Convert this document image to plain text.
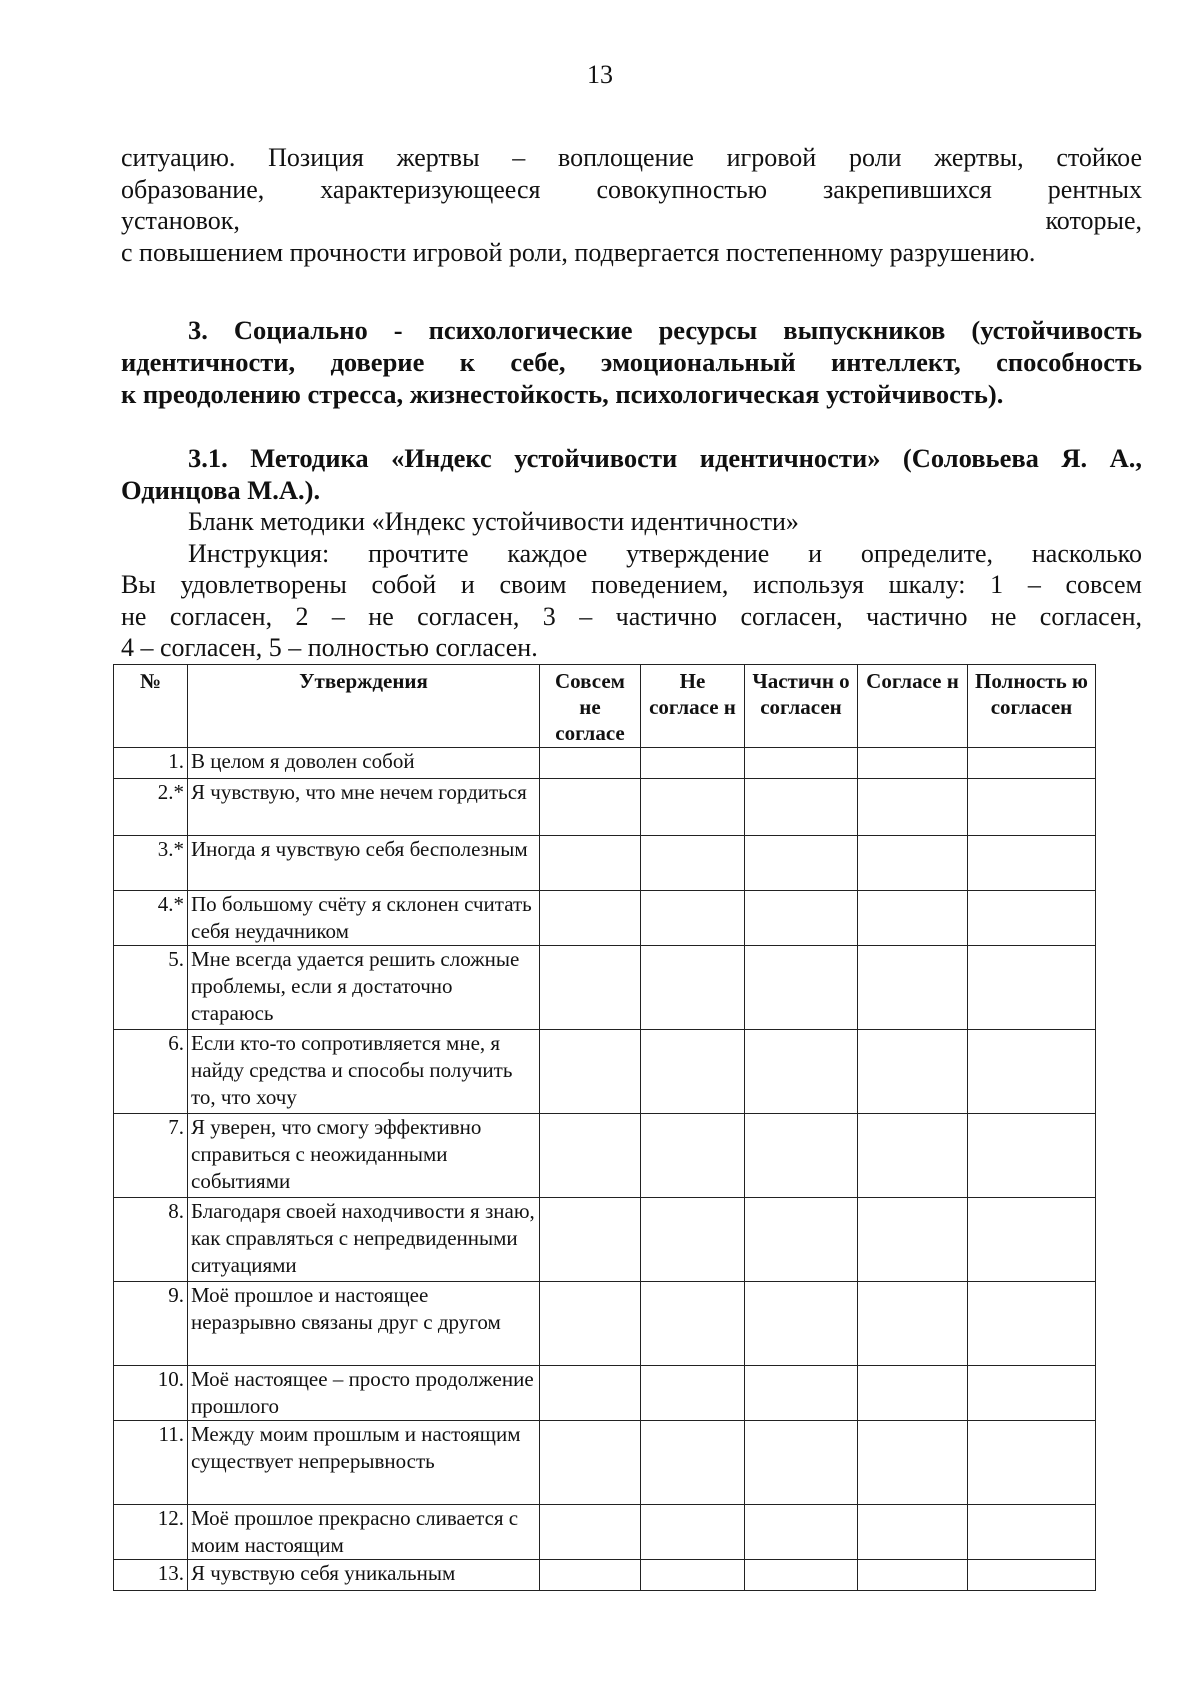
13
ситуацию. Позиция жертвы – воплощение игровой роли жертвы, стойкое
образование, характеризующееся совокупностью закрепившихся рентных
установок,	которые,
с повышением прочности игровой роли, подвергается постепенному разрушению.
3. Социально - психологические ресурсы выпускников (устойчивость
идентичности, доверие к себе, эмоциональный интеллект, способность
к преодолению стресса, жизнестойкость, психологическая устойчивость).
3.1. Методика «Индекс устойчивости идентичности» (Соловьева Я. А.,
Одинцова М.А.).
Бланк методики «Индекс устойчивости идентичности»
Инструкция: прочтите каждое утверждение и определите, насколько
Вы удовлетворены собой и своим поведением, используя шкалу: 1 – совсем
не согласен, 2 – не согласен, 3 – частично согласен, частично не согласен,
4 – согласен, 5 – полностью согласен.
№	Утверждения	Совсем не согласе	Не согласе н	Частичн о согласен	Согласе н	Полность ю согласен
1.	В целом я доволен собой					
2.*	Я чувствую, что мне нечем гордиться					
3.*	Иногда я чувствую себя бесполезным					
4.*	По большому счёту я склонен считать себя неудачником					
5.	Мне всегда удается решить сложные проблемы, если я достаточно стараюсь					
6.	Если кто-то сопротивляется мне, я найду средства и способы получить то, что хочу					
7.	Я уверен, что смогу эффективно справиться с неожиданными событиями					
8.	Благодаря своей находчивости я знаю, как справляться с непредвиденными ситуациями					
9.	Моё прошлое и настоящее неразрывно связаны друг с другом					
10.	Моё настоящее – просто продолжение прошлого					
11.	Между моим прошлым и настоящим существует непрерывность					
12.	Моё прошлое прекрасно сливается с моим настоящим					
13.	Я чувствую себя уникальным					
